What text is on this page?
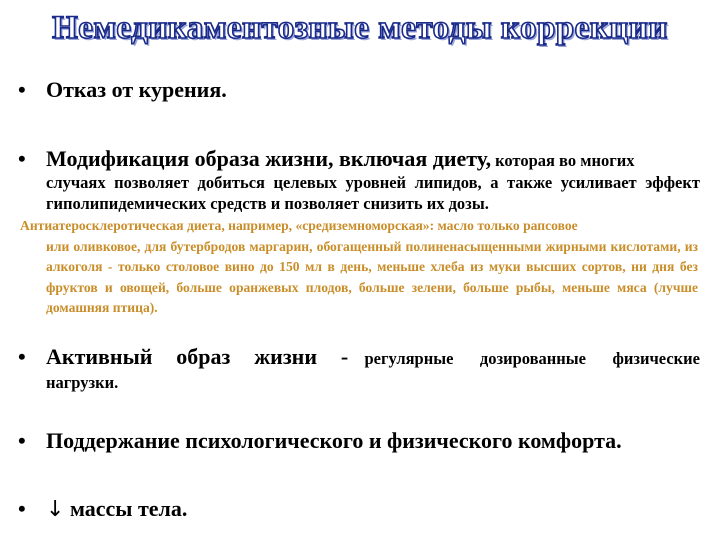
Немедикаментозные методы коррекции
• Отказ от курения.
• Модификация образа жизни, включая диету, которая во многих
случаях позволяет добиться целевых уровней липидов, а также усиливает эффект гиполипидемических средств и позволяет снизить их дозы.
Антиатеросклеротическая диета, например, «средиземноморская»: масло только рапсовое
или оливковое, для бутербродов маргарин, обогащенный полиненасыщенными жирными кислотами, из алкоголя - только столовое вино до 150 мл в день, меньше хлеба из муки высших сортов, ни дня без фруктов и овощей, больше оранжевых плодов, больше зелени, больше рыбы, меньше мяса (лучше домашняя птица).
• Активный образ жизни - регулярные дозированные физические
нагрузки.
• Поддержание психологического и физического комфорта.
• ↓ массы тела.
